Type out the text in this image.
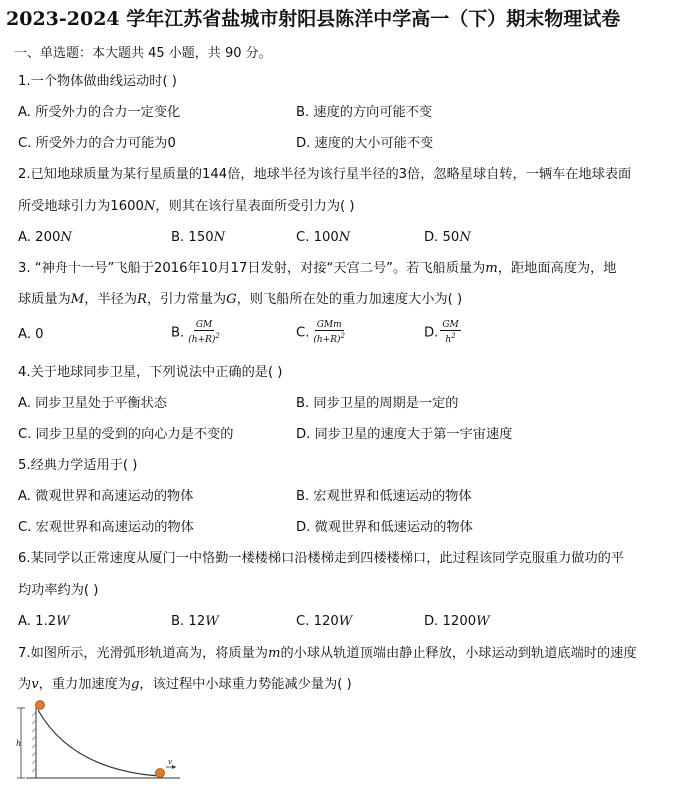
2023-2024 学年江苏省盐城市射阳县陈洋中学高一（下）期末物理试卷
一、单选题：本大题共 45 小题，共 90 分。
1.一个物体做曲线运动时( )
A. 所受外力的合力一定变化	B. 速度的方向可能不变
C. 所受外力的合力可能为0	D. 速度的大小可能不变
2.已知地球质量为某行星质量的144倍，地球半径为该行星半径的3倍，忽略星球自转，一辆车在地球表面
所受地球引力为1600N，则其在该行星表面所受引力为( )
A. 200N	B. 150N	C. 100N	D. 50N
3. “神舟十一号”飞船于2016年10月17日发射，对接“天宫二号”。若飞船质量为m，距地面高度为，地
球质量为M，半径为R，引力常量为G，则飞船所在处的重力加速度大小为( )
A. 0	B. $\frac{GM}{(h+R)^2}$	C. $\frac{\text{GMm}}{(h+R)^2}$	D. $\frac{GM}{h^2}$
4.关于地球同步卫星，下列说法中正确的是( )
A. 同步卫星处于平衡状态	B. 同步卫星的周期是一定的
C. 同步卫星的受到的向心力是不变的	D. 同步卫星的速度大于第一宇宙速度
5.经典力学适用于( )
A. 微观世界和高速运动的物体	B. 宏观世界和低速运动的物体
C. 宏观世界和高速运动的物体	D. 微观世界和低速运动的物体
6.某同学以正常速度从厦门一中恪勤一楼楼梯口沿楼梯走到四楼楼梯口，此过程该同学克服重力做功的平
均功率约为( )
A. 1.2W	B. 12W	C. 120W	D. 1200W
7.如图所示，光滑弧形轨道高为，将质量为m的小球从轨道顶端由静止释放，小球运动到轨道底端时的速度
为v，重力加速度为g，该过程中小球重力势能减少量为( )
h
v
